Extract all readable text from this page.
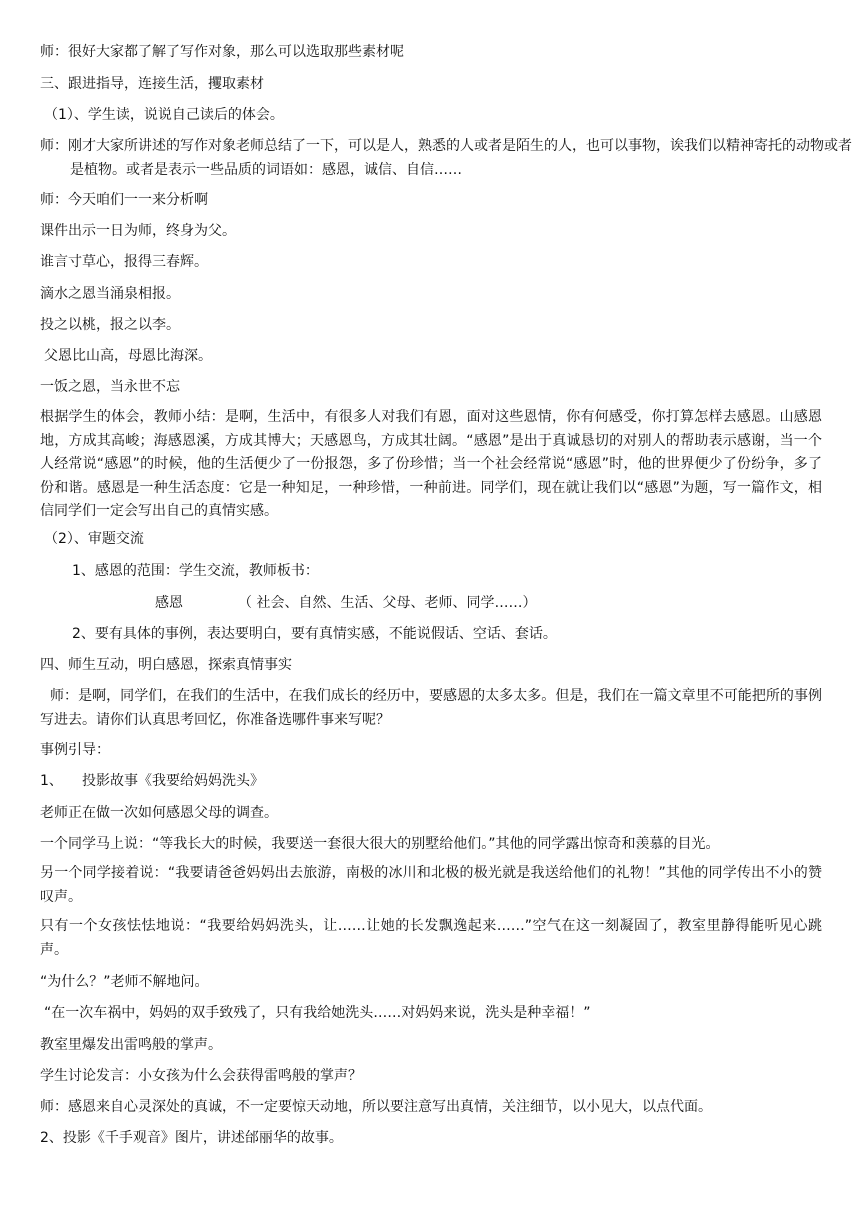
师：很好大家都了解了写作对象，那么可以选取那些素材呢
三、跟进指导，连接生活，攫取素材
（1）、学生读，说说自己读后的体会。
师：刚才大家所讲述的写作对象老师总结了一下，可以是人，熟悉的人或者是陌生的人，也可以事物，诶我们以精神寄托的动物或者是植物。或者是表示一些品质的词语如：感恩，诚信、自信……
师：今天咱们一一来分析啊
课件出示一日为师，终身为父。
谁言寸草心，报得三春辉。
滴水之恩当涌泉相报。
投之以桃，报之以李。
父恩比山高，母恩比海深。
一饭之恩，当永世不忘
根据学生的体会，教师小结：是啊，生活中，有很多人对我们有恩，面对这些恩情，你有何感受，你打算怎样去感恩。山感恩地，方成其高峻；海感恩溪，方成其博大；天感恩鸟，方成其壮阔。“感恩”是出于真诚恳切的对别人的帮助表示感谢，当一个人经常说“感恩”的时候，他的生活便少了一份报怨，多了份珍惜；当一个社会经常说“感恩”时，他的世界便少了份纷争，多了份和谐。感恩是一种生活态度：它是一种知足，一种珍惜，一种前进。同学们，现在就让我们以“感恩”为题，写一篇作文，相信同学们一定会写出自己的真情实感。
（2）、审题交流
1、感恩的范围：学生交流，教师板书：
感恩	（ 社会、自然、生活、父母、老师、同学……）
2、要有具体的事例，表达要明白，要有真情实感，不能说假话、空话、套话。
四、师生互动，明白感恩，探索真情事实
师：是啊，同学们，在我们的生活中，在我们成长的经历中，要感恩的太多太多。但是，我们在一篇文章里不可能把所的事例写进去。请你们认真思考回忆，你准备选哪件事来写呢？
事例引导：
1、	投影故事《我要给妈妈洗头》
老师正在做一次如何感恩父母的调查。
一个同学马上说：“等我长大的时候，我要送一套很大很大的别墅给他们。”其他的同学露出惊奇和羡慕的目光。
另一个同学接着说：“我要请爸爸妈妈出去旅游，南极的冰川和北极的极光就是我送给他们的礼物！”其他的同学传出不小的赞叹声。
只有一个女孩怯怯地说：“我要给妈妈洗头，让……让她的长发飘逸起来……”空气在这一刻凝固了，教室里静得能听见心跳声。
“为什么？”老师不解地问。
“在一次车祸中，妈妈的双手致残了，只有我给她洗头……对妈妈来说，洗头是种幸福！”
教室里爆发出雷鸣般的掌声。
学生讨论发言：小女孩为什么会获得雷鸣般的掌声？
师：感恩来自心灵深处的真诚，不一定要惊天动地，所以要注意写出真情，关注细节，以小见大，以点代面。
2、投影《千手观音》图片，讲述邰丽华的故事。
